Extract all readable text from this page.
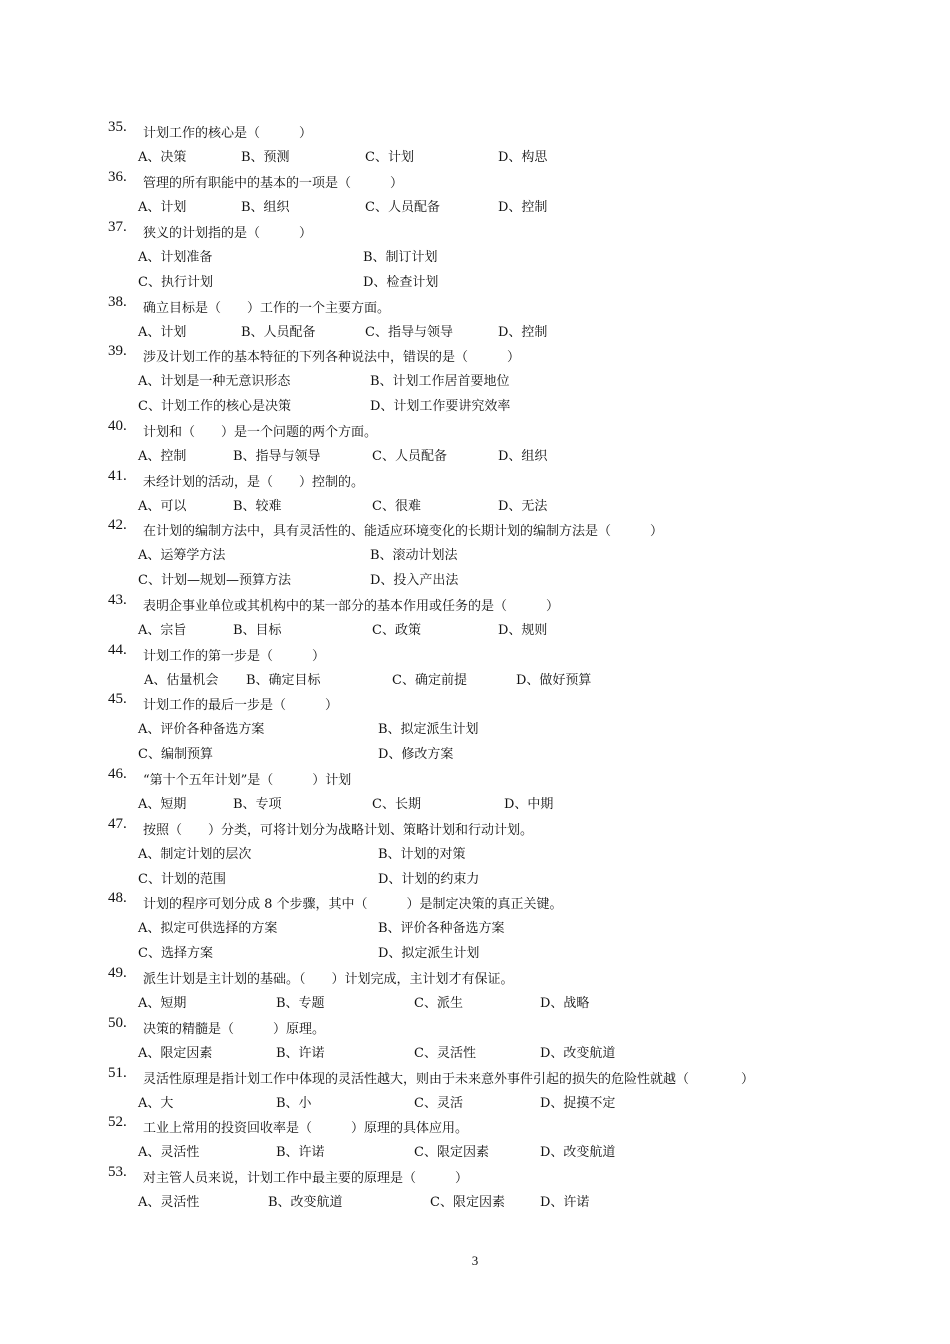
35. 计划工作的核心是（　　　）
A、决策	B、预测	C、计划	D、构思
36. 管理的所有职能中的基本的一项是（　　　）
A、计划	B、组织	C、人员配备	D、控制
37. 狭义的计划指的是（　　　）
A、计划准备	B、制订计划
C、执行计划	D、检查计划
38. 确立目标是（　　）工作的一个主要方面。
A、计划	B、人员配备	C、指导与领导	D、控制
39. 涉及计划工作的基本特征的下列各种说法中，错误的是（　　　）
A、计划是一种无意识形态	B、计划工作居首要地位
C、计划工作的核心是决策	D、计划工作要讲究效率
40. 计划和（　　）是一个问题的两个方面。
A、控制	B、指导与领导	C、人员配备	D、组织
41. 未经计划的活动，是（　　）控制的。
A、可以	B、较难	C、很难	D、无法
42. 在计划的编制方法中，具有灵活性的、能适应环境变化的长期计划的编制方法是（　　　）
A、运筹学方法	B、滚动计划法
C、计划—规划—预算方法	D、投入产出法
43. 表明企事业单位或其机构中的某一部分的基本作用或任务的是（　　　）
A、宗旨	B、目标	C、政策	D、规则
44. 计划工作的第一步是（　　　）
A、估量机会 B、确定目标	C、确定前提	D、做好预算
45. 计划工作的最后一步是（　　　）
A、评价各种备选方案	B、拟定派生计划
C、编制预算	D、修改方案
46. “第十个五年计划”是（　　　）计划
A、短期	B、专项	C、长期	D、中期
47. 按照（　　）分类，可将计划分为战略计划、策略计划和行动计划。
A、制定计划的层次	B、计划的对策
C、计划的范围	D、计划的约束力
48. 计划的程序可划分成 8 个步骤，其中（　　　）是制定决策的真正关键。
A、拟定可供选择的方案	B、评价各种备选方案
C、选择方案	D、拟定派生计划
49. 派生计划是主计划的基础。（　　）计划完成，主计划才有保证。
A、短期	B、专题	C、派生	D、战略
50. 决策的精髓是（　　　）原理。
A、限定因素	B、许诺	C、灵活性	D、改变航道
51. 灵活性原理是指计划工作中体现的灵活性越大，则由于未来意外事件引起的损失的危险性就越（　　　　）
A、大	B、小	C、灵活	D、捉摸不定
52. 工业上常用的投资回收率是（　　　）原理的具体应用。
A、灵活性	B、许诺	C、限定因素	D、改变航道
53. 对主管人员来说，计划工作中最主要的原理是（　　　）
A、灵活性	B、改变航道	C、限定因素	D、许诺
3
